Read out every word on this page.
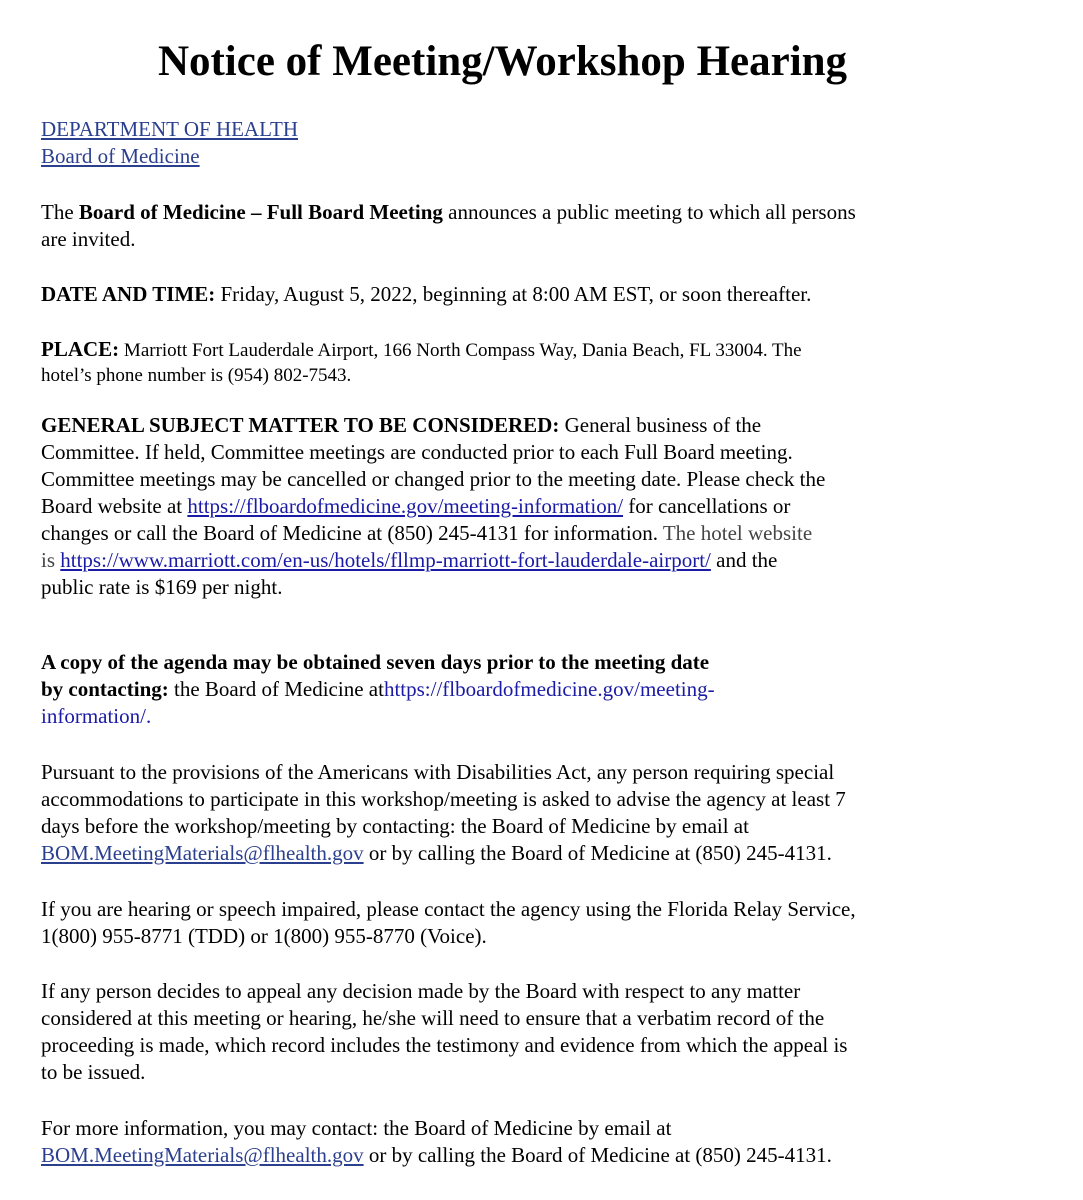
Notice of Meeting/Workshop Hearing
DEPARTMENT OF HEALTH
Board of Medicine
The Board of Medicine – Full Board Meeting announces a public meeting to which all persons
are invited.
DATE AND TIME: Friday, August 5, 2022, beginning at 8:00 AM EST, or soon thereafter.
PLACE: Marriott Fort Lauderdale Airport, 166 North Compass Way, Dania Beach, FL 33004. The
hotel’s phone number is (954) 802-7543.
GENERAL SUBJECT MATTER TO BE CONSIDERED: General business of the
Committee. If held, Committee meetings are conducted prior to each Full Board meeting.
Committee meetings may be cancelled or changed prior to the meeting date. Please check the
Board website at https://flboardofmedicine.gov/meeting-information/ for cancellations or
changes or call the Board of Medicine at (850) 245-4131 for information. The hotel website
is https://www.marriott.com/en-us/hotels/fllmp-marriott-fort-lauderdale-airport/ and the
public rate is $169 per night.
A copy of the agenda may be obtained seven days prior to the meeting date
by contacting: the Board of Medicine athttps://flboardofmedicine.gov/meeting-
information/.
Pursuant to the provisions of the Americans with Disabilities Act, any person requiring special
accommodations to participate in this workshop/meeting is asked to advise the agency at least 7
days before the workshop/meeting by contacting: the Board of Medicine by email at
BOM.MeetingMaterials@flhealth.gov or by calling the Board of Medicine at (850) 245-4131.
If you are hearing or speech impaired, please contact the agency using the Florida Relay Service,
1(800) 955-8771 (TDD) or 1(800) 955-8770 (Voice).
If any person decides to appeal any decision made by the Board with respect to any matter
considered at this meeting or hearing, he/she will need to ensure that a verbatim record of the
proceeding is made, which record includes the testimony and evidence from which the appeal is
to be issued.
For more information, you may contact: the Board of Medicine by email at
BOM.MeetingMaterials@flhealth.gov or by calling the Board of Medicine at (850) 245-4131.
